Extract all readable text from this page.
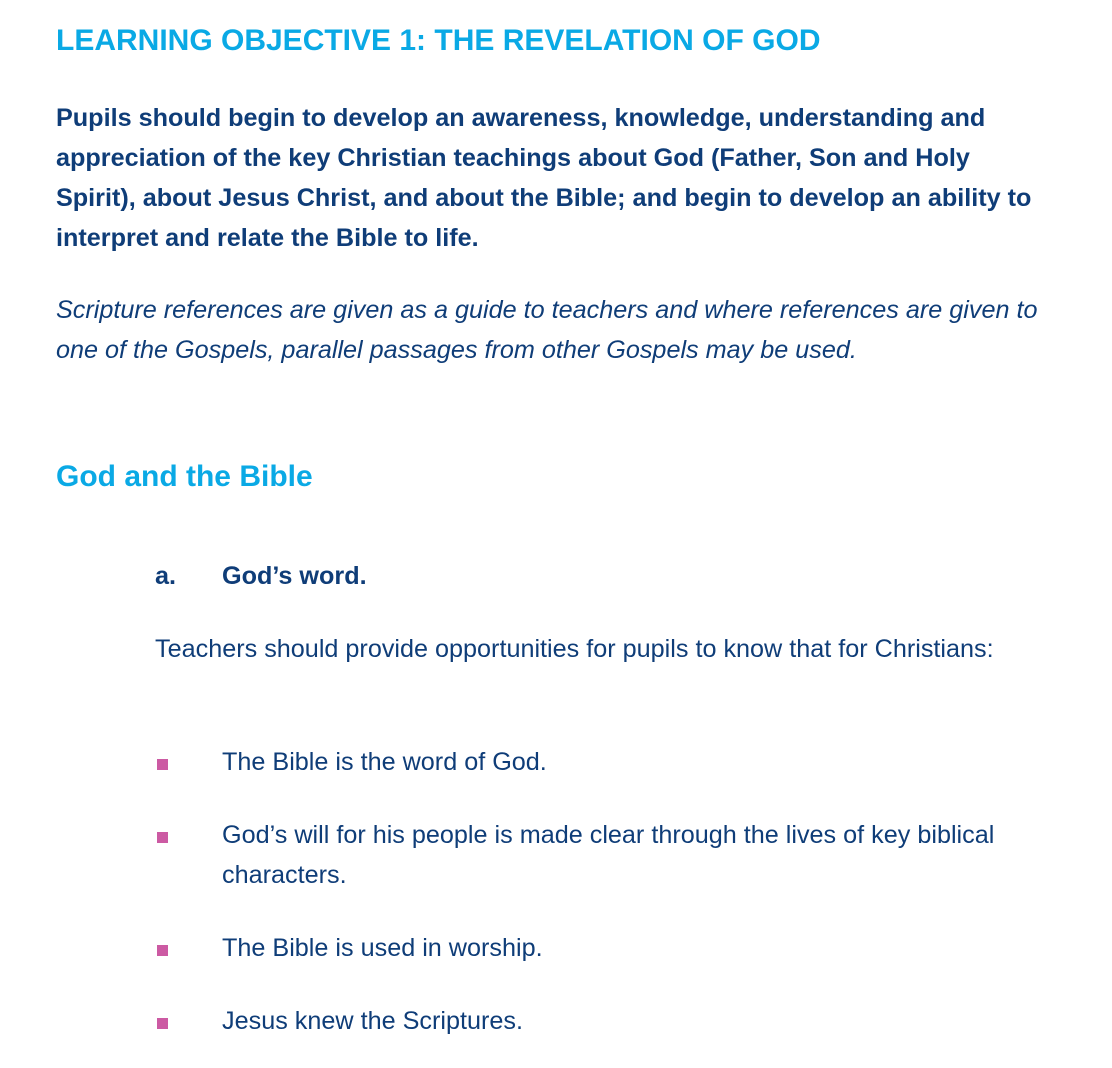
LEARNING OBJECTIVE 1: THE REVELATION OF GOD

Pupils should begin to develop an awareness, knowledge, understanding and appreciation of the key Christian teachings about God (Father, Son and Holy Spirit), about Jesus Christ, and about the Bible; and begin to develop an ability to interpret and relate the Bible to life.

Scripture references are given as a guide to teachers and where references are given to one of the Gospels, parallel passages from other Gospels may be used.

God and the Bible
a. God’s word.

Teachers should provide opportunities for pupils to know that for Christians:

The Bible is the word of God.
God’s will for his people is made clear through the lives of key biblical characters.
The Bible is used in worship.
Jesus knew the Scriptures.
